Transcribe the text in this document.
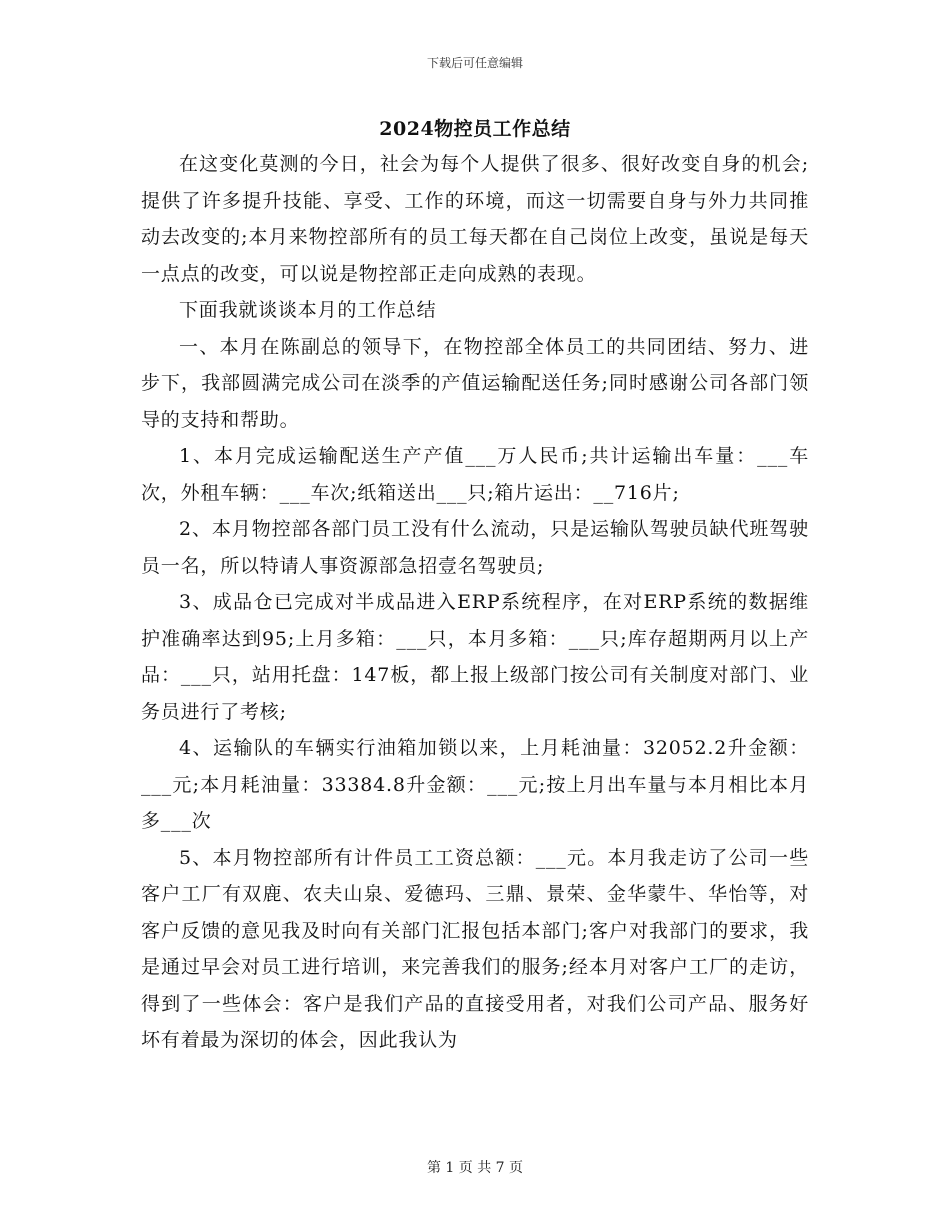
下载后可任意编辑
2024物控员工作总结

在这变化莫测的今日，社会为每个人提供了很多、很好改变自身的机会;提供了许多提升技能、享受、工作的环境，而这一切需要自身与外力共同推动去改变的;本月来物控部所有的员工每天都在自己岗位上改变，虽说是每天一点点的改变，可以说是物控部正走向成熟的表现。

下面我就谈谈本月的工作总结

一、本月在陈副总的领导下，在物控部全体员工的共同团结、努力、进步下，我部圆满完成公司在淡季的产值运输配送任务;同时感谢公司各部门领导的支持和帮助。

1、本月完成运输配送生产产值___万人民币;共计运输出车量：___车次，外租车辆：___车次;纸箱送出___只;箱片运出：__716片;

2、本月物控部各部门员工没有什么流动，只是运输队驾驶员缺代班驾驶员一名，所以特请人事资源部急招壹名驾驶员;

3、成品仓已完成对半成品进入ERP系统程序，在对ERP系统的数据维护准确率达到95;上月多箱：___只，本月多箱：___只;库存超期两月以上产品：___只，站用托盘：147板，都上报上级部门按公司有关制度对部门、业务员进行了考核;

4、运输队的车辆实行油箱加锁以来，上月耗油量：32052.2升金额：___元;本月耗油量：33384.8升金额：___元;按上月出车量与本月相比本月多___次

5、本月物控部所有计件员工工资总额：___元。本月我走访了公司一些客户工厂有双鹿、农夫山泉、爱德玛、三鼎、景荣、金华蒙牛、华怡等，对客户反馈的意见我及时向有关部门汇报包括本部门;客户对我部门的要求，我是通过早会对员工进行培训，来完善我们的服务;经本月对客户工厂的走访，得到了一些体会：客户是我们产品的直接受用者，对我们公司产品、服务好坏有着最为深切的体会，因此我认为

第 1 页 共 7 页
